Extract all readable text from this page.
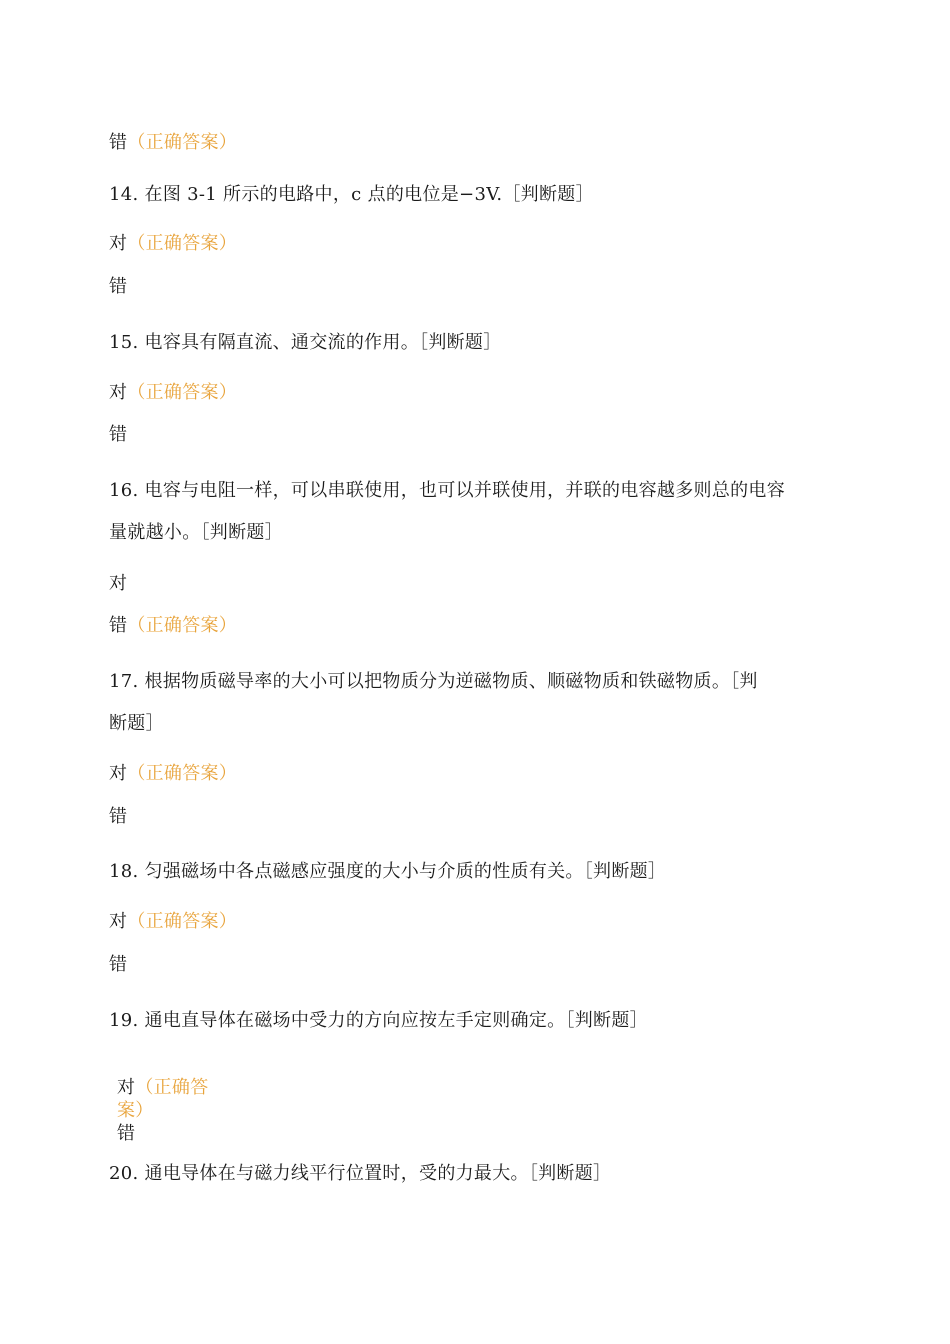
错（正确答案）
14. 在图 3-1 所示的电路中，c 点的电位是−3V.［判断题］
对（正确答案）
错
15. 电容具有隔直流、通交流的作用。［判断题］
对（正确答案）
错
16. 电容与电阻一样，可以串联使用，也可以并联使用，并联的电容越多则总的电容
量就越小。［判断题］
对
错（正确答案）
17. 根据物质磁导率的大小可以把物质分为逆磁物质、顺磁物质和铁磁物质。［判
断题］
对（正确答案）
错
18. 匀强磁场中各点磁感应强度的大小与介质的性质有关。［判断题］
对（正确答案）
错
19. 通电直导体在磁场中受力的方向应按左手定则确定。［判断题］
对（正确答
案）
错
20. 通电导体在与磁力线平行位置时，受的力最大。［判断题］
